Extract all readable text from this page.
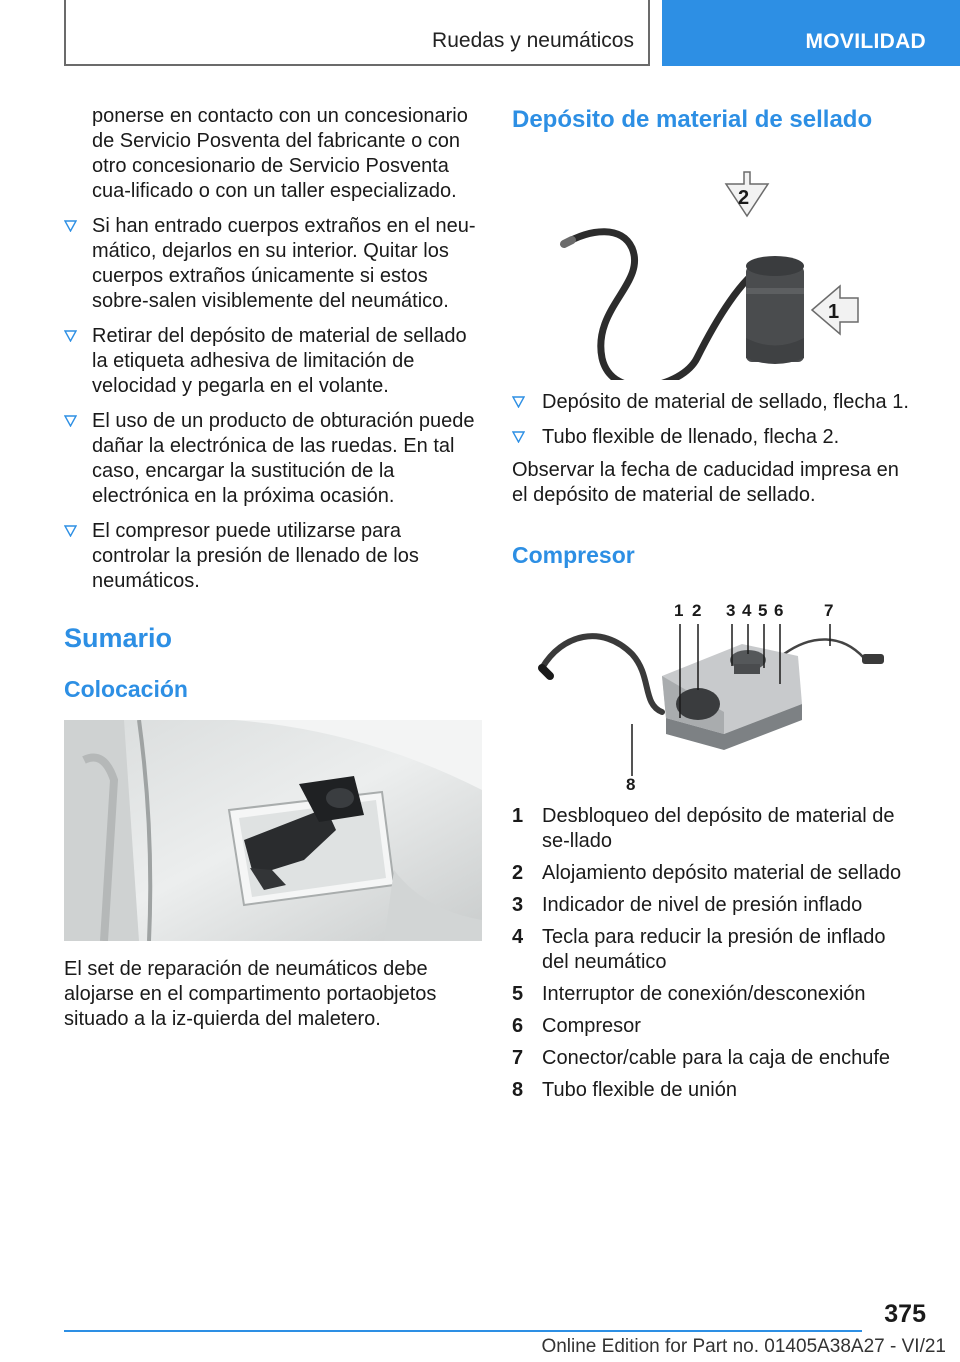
Ruedas y neumáticos	MOVILIDAD

ponerse en contacto con un concesionario de Servicio Posventa del fabricante o con otro concesionario de Servicio Posventa cua-lificado o con un taller especializado.

Si han entrado cuerpos extraños en el neu-mático, dejarlos en su interior. Quitar los cuerpos extraños únicamente si estos sobre-salen visiblemente del neumático.
Retirar del depósito de material de sellado la etiqueta adhesiva de limitación de velocidad y pegarla en el volante.
El uso de un producto de obturación puede dañar la electrónica de las ruedas. En tal caso, encargar la sustitución de la electrónica en la próxima ocasión.
El compresor puede utilizarse para controlar la presión de llenado de los neumáticos.
Sumario
Colocación

El set de reparación de neumáticos debe alojarse en el compartimento portaobjetos situado a la iz-quierda del maletero.

Depósito de material de sellado
2
1
Depósito de material de sellado, flecha 1.
Tubo flexible de llenado, flecha 2.

Observar la fecha de caducidad impresa en el depósito de material de sellado.

Compresor
1 2 3 4 5 6 7
8
1 Desbloqueo del depósito de material de se-llado
2 Alojamiento depósito material de sellado
3 Indicador de nivel de presión inflado
4 Tecla para reducir la presión de inflado del neumático
5 Interruptor de conexión/desconexión
6 Compresor
7 Conector/cable para la caja de enchufe
8 Tubo flexible de unión
375
Online Edition for Part no. 01405A38A27 - VI/21
